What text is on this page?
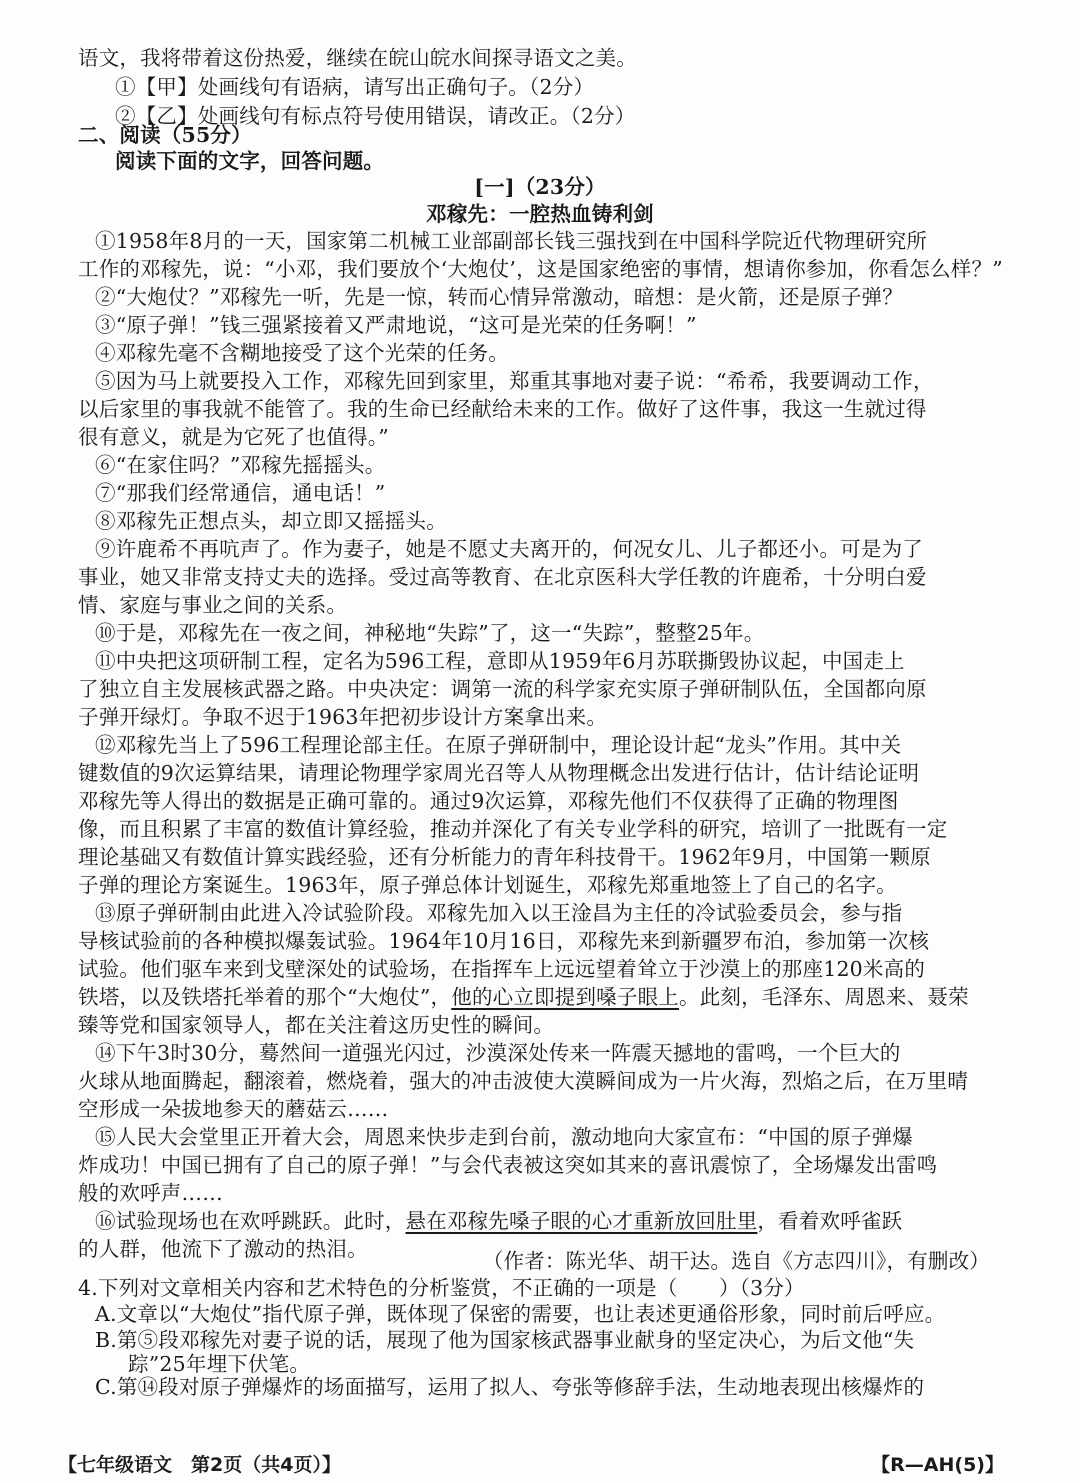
语文，我将带着这份热爱，继续在皖山皖水间探寻语文之美。
①【甲】处画线句有语病，请写出正确句子。（2分）
②【乙】处画线句有标点符号使用错误，请改正。（2分）
二、阅读（55分）
阅读下面的文字，回答问题。
[一]（23分）
邓稼先：一腔热血铸利剑
①1958年8月的一天，国家第二机械工业部副部长钱三强找到在中国科学院近代物理研究所
工作的邓稼先，说：“小邓，我们要放个‘大炮仗’，这是国家绝密的事情，想请你参加，你看怎么样？”
②“大炮仗？”邓稼先一听，先是一惊，转而心情异常激动，暗想：是火箭，还是原子弹？
③“原子弹！”钱三强紧接着又严肃地说，“这可是光荣的任务啊！”
④邓稼先毫不含糊地接受了这个光荣的任务。
⑤因为马上就要投入工作，邓稼先回到家里，郑重其事地对妻子说：“希希，我要调动工作，
以后家里的事我就不能管了。我的生命已经献给未来的工作。做好了这件事，我这一生就过得
很有意义，就是为它死了也值得。”
⑥“在家住吗？”邓稼先摇摇头。
⑦“那我们经常通信，通电话！”
⑧邓稼先正想点头，却立即又摇摇头。
⑨许鹿希不再吭声了。作为妻子，她是不愿丈夫离开的，何况女儿、儿子都还小。可是为了
事业，她又非常支持丈夫的选择。受过高等教育、在北京医科大学任教的许鹿希，十分明白爱
情、家庭与事业之间的关系。
⑩于是，邓稼先在一夜之间，神秘地“失踪”了，这一“失踪”，整整25年。
⑪中央把这项研制工程，定名为596工程，意即从1959年6月苏联撕毁协议起，中国走上
了独立自主发展核武器之路。中央决定：调第一流的科学家充实原子弹研制队伍，全国都向原
子弹开绿灯。争取不迟于1963年把初步设计方案拿出来。
⑫邓稼先当上了596工程理论部主任。在原子弹研制中，理论设计起“龙头”作用。其中关
键数值的9次运算结果，请理论物理学家周光召等人从物理概念出发进行估计，估计结论证明
邓稼先等人得出的数据是正确可靠的。通过9次运算，邓稼先他们不仅获得了正确的物理图
像，而且积累了丰富的数值计算经验，推动并深化了有关专业学科的研究，培训了一批既有一定
理论基础又有数值计算实践经验，还有分析能力的青年科技骨干。1962年9月，中国第一颗原
子弹的理论方案诞生。1963年，原子弹总体计划诞生，邓稼先郑重地签上了自己的名字。
⑬原子弹研制由此进入冷试验阶段。邓稼先加入以王淦昌为主任的冷试验委员会，参与指
导核试验前的各种模拟爆轰试验。1964年10月16日，邓稼先来到新疆罗布泊，参加第一次核
试验。他们驱车来到戈壁深处的试验场，在指挥车上远远望着耸立于沙漠上的那座120米高的
铁塔，以及铁塔托举着的那个“大炮仗”，他的心立即提到嗓子眼上。此刻，毛泽东、周恩来、聂荣
臻等党和国家领导人，都在关注着这历史性的瞬间。
⑭下午3时30分，蓦然间一道强光闪过，沙漠深处传来一阵震天撼地的雷鸣，一个巨大的
火球从地面腾起，翻滚着，燃烧着，强大的冲击波使大漠瞬间成为一片火海，烈焰之后，在万里晴
空形成一朵拔地参天的蘑菇云……
⑮人民大会堂里正开着大会，周恩来快步走到台前，激动地向大家宣布：“中国的原子弹爆
炸成功！中国已拥有了自己的原子弹！”与会代表被这突如其来的喜讯震惊了，全场爆发出雷鸣
般的欢呼声……
⑯试验现场也在欢呼跳跃。此时，悬在邓稼先嗓子眼的心才重新放回肚里，看着欢呼雀跃
的人群，他流下了激动的热泪。
（作者：陈光华、胡干达。选自《方志四川》，有删改）
4.下列对文章相关内容和艺术特色的分析鉴赏，不正确的一项是（　　）（3分）
A.文章以“大炮仗”指代原子弹，既体现了保密的需要，也让表述更通俗形象，同时前后呼应。
B.第⑤段邓稼先对妻子说的话，展现了他为国家核武器事业献身的坚定决心，为后文他“失
踪”25年埋下伏笔。
C.第⑭段对原子弹爆炸的场面描写，运用了拟人、夸张等修辞手法，生动地表现出核爆炸的
【七年级语文　第2页（共4页）】	【R—AH(5)】
